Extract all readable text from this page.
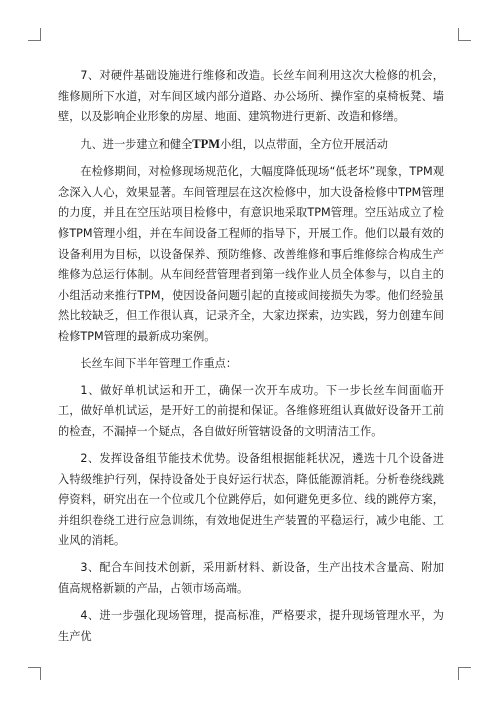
7、对硬件基础设施进行维修和改造。长丝车间利用这次大检修的机会，维修厕所下水道，对车间区域内部分道路、办公场所、操作室的桌椅板凳、墙壁，以及影响企业形象的房屋、地面、建筑物进行更新、改造和修缮。

九、进一步建立和健全TPM小组，以点带面，全方位开展活动

在检修期间，对检修现场规范化，大幅度降低现场“低老坏”现象，TPM观念深入人心，效果显著。车间管理层在这次检修中，加大设备检修中TPM管理的力度，并且在空压站项目检修中，有意识地采取TPM管理。空压站成立了检修TPM管理小组，并在车间设备工程师的指导下，开展工作。他们以最有效的设备利用为目标，以设备保养、预防维修、改善维修和事后维修综合构成生产维修为总运行体制。从车间经营管理者到第一线作业人员全体参与，以自主的小组活动来推行TPM，使因设备问题引起的直接或间接损失为零。他们经验虽然比较缺乏，但工作很认真，记录齐全，大家边探索，边实践，努力创建车间检修TPM管理的最新成功案例。

长丝车间下半年管理工作重点：

1、做好单机试运和开工，确保一次开车成功。下一步长丝车间面临开工，做好单机试运，是开好工的前提和保证。各维修班组认真做好设备开工前的检查，不漏掉一个疑点，各自做好所管辖设备的文明清洁工作。

2、发挥设备组节能技术优势。设备组根据能耗状况，遴选十几个设备进入特级维护行列，保持设备处于良好运行状态，降低能源消耗。分析卷绕线跳停资料，研究出在一个位或几个位跳停后，如何避免更多位、线的跳停方案，并组织卷绕工进行应急训练，有效地促进生产装置的平稳运行，减少电能、工业风的消耗。

3、配合车间技术创新，采用新材料、新设备，生产出技术含量高、附加值高规格新颖的产品，占领市场高端。

4、进一步强化现场管理，提高标准，严格要求，提升现场管理水平，为生产优
